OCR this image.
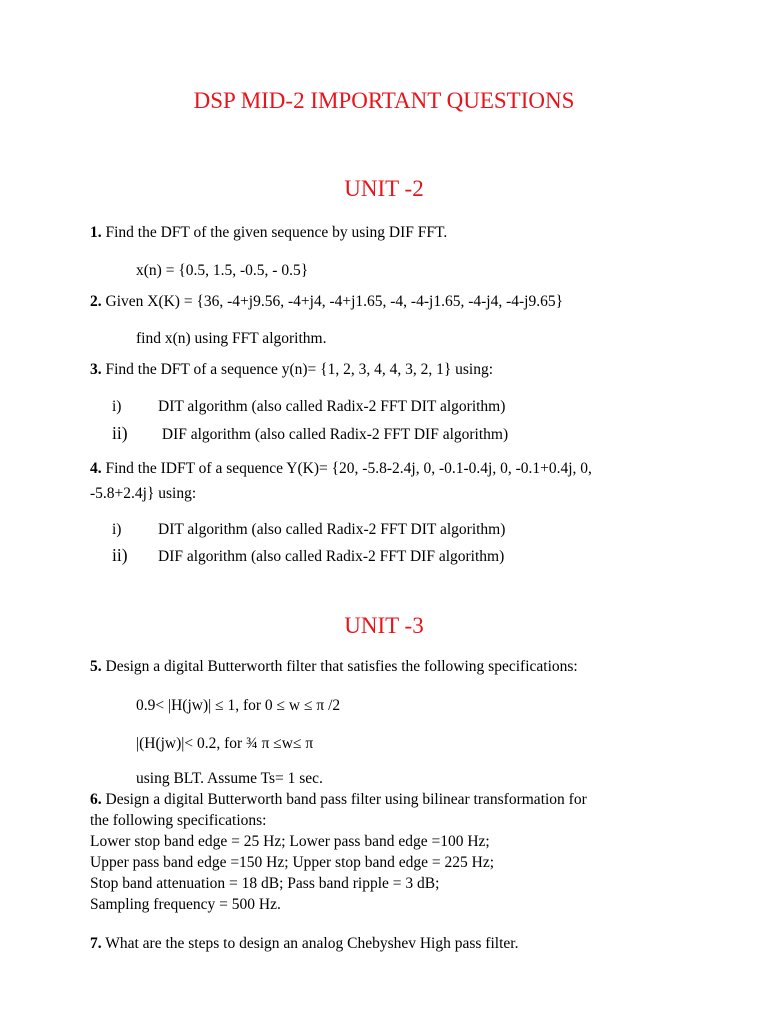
DSP MID-2 IMPORTANT QUESTIONS
UNIT -2
1. Find the DFT of the given sequence by using DIF FFT.
x(n) = {0.5, 1.5, -0.5, - 0.5}
2. Given X(K) = {36, -4+j9.56, -4+j4, -4+j1.65, -4, -4-j1.65, -4-j4, -4-j9.65}
find x(n) using FFT algorithm.
3. Find the DFT of a sequence y(n)= {1, 2, 3, 4, 4, 3, 2, 1} using:
i) DIT algorithm (also called Radix-2 FFT DIT algorithm)
ii) DIF algorithm (also called Radix-2 FFT DIF algorithm)
4. Find the IDFT of a sequence Y(K)= {20, -5.8-2.4j, 0, -0.1-0.4j, 0, -0.1+0.4j, 0,
-5.8+2.4j} using:
i) DIT algorithm (also called Radix-2 FFT DIT algorithm)
ii) DIF algorithm (also called Radix-2 FFT DIF algorithm)
UNIT -3
5. Design a digital Butterworth filter that satisfies the following specifications:
0.9< |H(jw)| ≤ 1, for 0 ≤ w ≤ π /2
|(H(jw)|< 0.2, for ¾ π ≤w≤ π
using BLT. Assume Ts= 1 sec.
6. Design a digital Butterworth band pass filter using bilinear transformation for
the following specifications:
Lower stop band edge = 25 Hz; Lower pass band edge =100 Hz;
Upper pass band edge =150 Hz; Upper stop band edge = 225 Hz;
Stop band attenuation = 18 dB; Pass band ripple = 3 dB;
Sampling frequency = 500 Hz.
7. What are the steps to design an analog Chebyshev High pass filter.
